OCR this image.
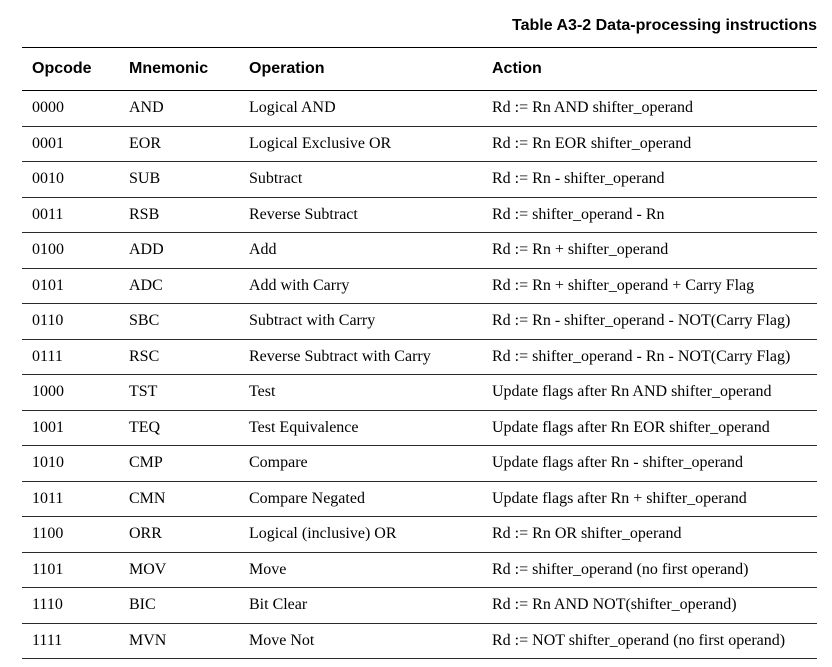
Table A3-2 Data-processing instructions
Opcode	Mnemonic	Operation	Action
0000	AND	Logical AND	Rd := Rn AND shifter_operand
0001	EOR	Logical Exclusive OR	Rd := Rn EOR shifter_operand
0010	SUB	Subtract	Rd := Rn - shifter_operand
0011	RSB	Reverse Subtract	Rd := shifter_operand - Rn
0100	ADD	Add	Rd := Rn + shifter_operand
0101	ADC	Add with Carry	Rd := Rn + shifter_operand + Carry Flag
0110	SBC	Subtract with Carry	Rd := Rn - shifter_operand - NOT(Carry Flag)
0111	RSC	Reverse Subtract with Carry	Rd := shifter_operand - Rn - NOT(Carry Flag)
1000	TST	Test	Update flags after Rn AND shifter_operand
1001	TEQ	Test Equivalence	Update flags after Rn EOR shifter_operand
1010	CMP	Compare	Update flags after Rn - shifter_operand
1011	CMN	Compare Negated	Update flags after Rn + shifter_operand
1100	ORR	Logical (inclusive) OR	Rd := Rn OR shifter_operand
1101	MOV	Move	Rd := shifter_operand (no first operand)
1110	BIC	Bit Clear	Rd := Rn AND NOT(shifter_operand)
1111	MVN	Move Not	Rd := NOT shifter_operand (no first operand)
